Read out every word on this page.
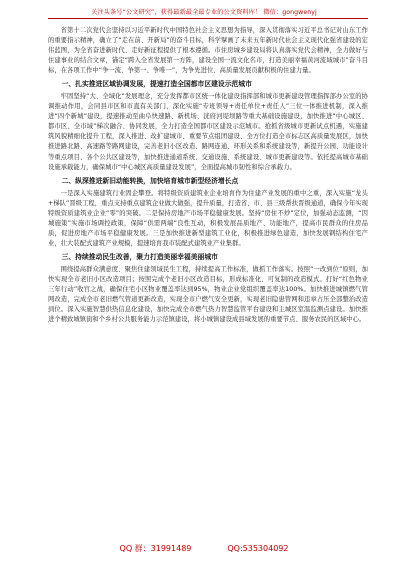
关注头条号“公文研究”，获得最新最全最专业的公文资料库！ 微信：gongwenyj

省第十二次党代会坚持以习近平新时代中国特色社会主义思想为指导，深入贯彻落实习近平总书记对山东工作的重要指示精神，确立了“走在前、开新局”的奋斗目标，科学擘画了未来五年新时代社会主义现代化强省建设的宏伟蓝图，为全省奋进新时代、走好新征程提供了根本遵循。市住房城乡建设局将认真落实党代会精神，全力做好与住建事业的结合文章，锚定“跨入全省发展第一方阵，建设全国一流文化名市，打造美丽幸福黄河流域城市”奋斗目标，在各项工作中“争一流、争第一、争唯一”，为争先进位、高质量发展贡献积极的住建力量。

一、扎实推进区域协调发展，提速打造全国都市区建设示范城市

牢固坚持“大、全域化”发展理念，充分发挥都市区统一体化建设指挥部和城市更新建设管理指挥部办公室的协调推动作用，会同县市区和市直有关部门，深化实施“专班领导+责任单位+责任人”三位一体推进机制，深入推进“四个新城”建设，提速推动至曲阜快速路、新机场、洸府河堤坝路等重大基础设施建设，加快推进“中心城区、都市区、全市域”梯次融合、协同发展，全力打造全国都市区建设示范城市。抢抓省级城市更新试点机遇，实施建筑风貌精细化提升工程，深入推进、改扩建城市、重要节点组团建设、全方位打造全市标志区高质量发展区，加快推进路北路、高速路等路网建设，完善老旧小区改造、路网连通、环形关系和系统建设等，新提升公园、功能设计等重点项目、各个公共区建设等，加快推进通道系统、交通设施、系统建设、城市更新建设等。依托提高城市基础设施承载能力，确保城市“中心城区高质量建设发展”，全面提高城市韧性和综合承载力。

二、纵深推进新旧动能转换，加快培育城市新型经济增长点

一是深入实施建筑行业固企攀登。将特级资质建筑业企业培育作为住建产业发展的重中之重，深入实施“龙头+梯队”晋级工程，重点支持重点建筑企业做大做强，提升质量，打造省、市、县三级帮扶晋级通道，确保今年实现特级资质建筑业企业“零”的突破。二是保持房地产市场平稳健康发展。坚持“房住不炒”定位，加强动态监测，“因城施策”实施市场调控政策，保障“供需两端”良性互动，积极发展品质地产、功能地产，提高市民群众的住房品质，促进房地产市场平稳健康发展。三是加快推进新型建筑工业化，积极推进绿色建造，加快发展钢结构住宅产业，壮大装配式建筑产业规模，提速培育我市装配式建筑业产业集群。

三、持续推动民生改善，聚力打造美丽幸福美丽城市

围绕提高群众满意度、聚焦住建领域民生工程，持续提高工作标准，做抓工作落实。按照“一改到位”原则，加快实现全市老旧小区改造项目；按照完成个老旧小区改造目标，形成标准化、可复制的改造模式。打好“红色物业三年行动”收官之战，确保住宅小区物业覆盖率达到95%，物业企业党组织覆盖率达100%。加快推进城镇燃气管网改造，完成全市老旧燃气管道更新改造，实现全市户燃气安全更新，实现老旧隐患管网和违章占压全部整治改造到位。深入实施智慧供热信息化建设，加快完成全市燃气热力智慧监管平台建设和主城区室温监测点建设。加快推进个精致城镇街和个乡村公共服务能力示范镇建设，将小城镇建设成县域发展的重要节点、服务农民的区域中心。

QQ 群：31991489	QQ:535304092
